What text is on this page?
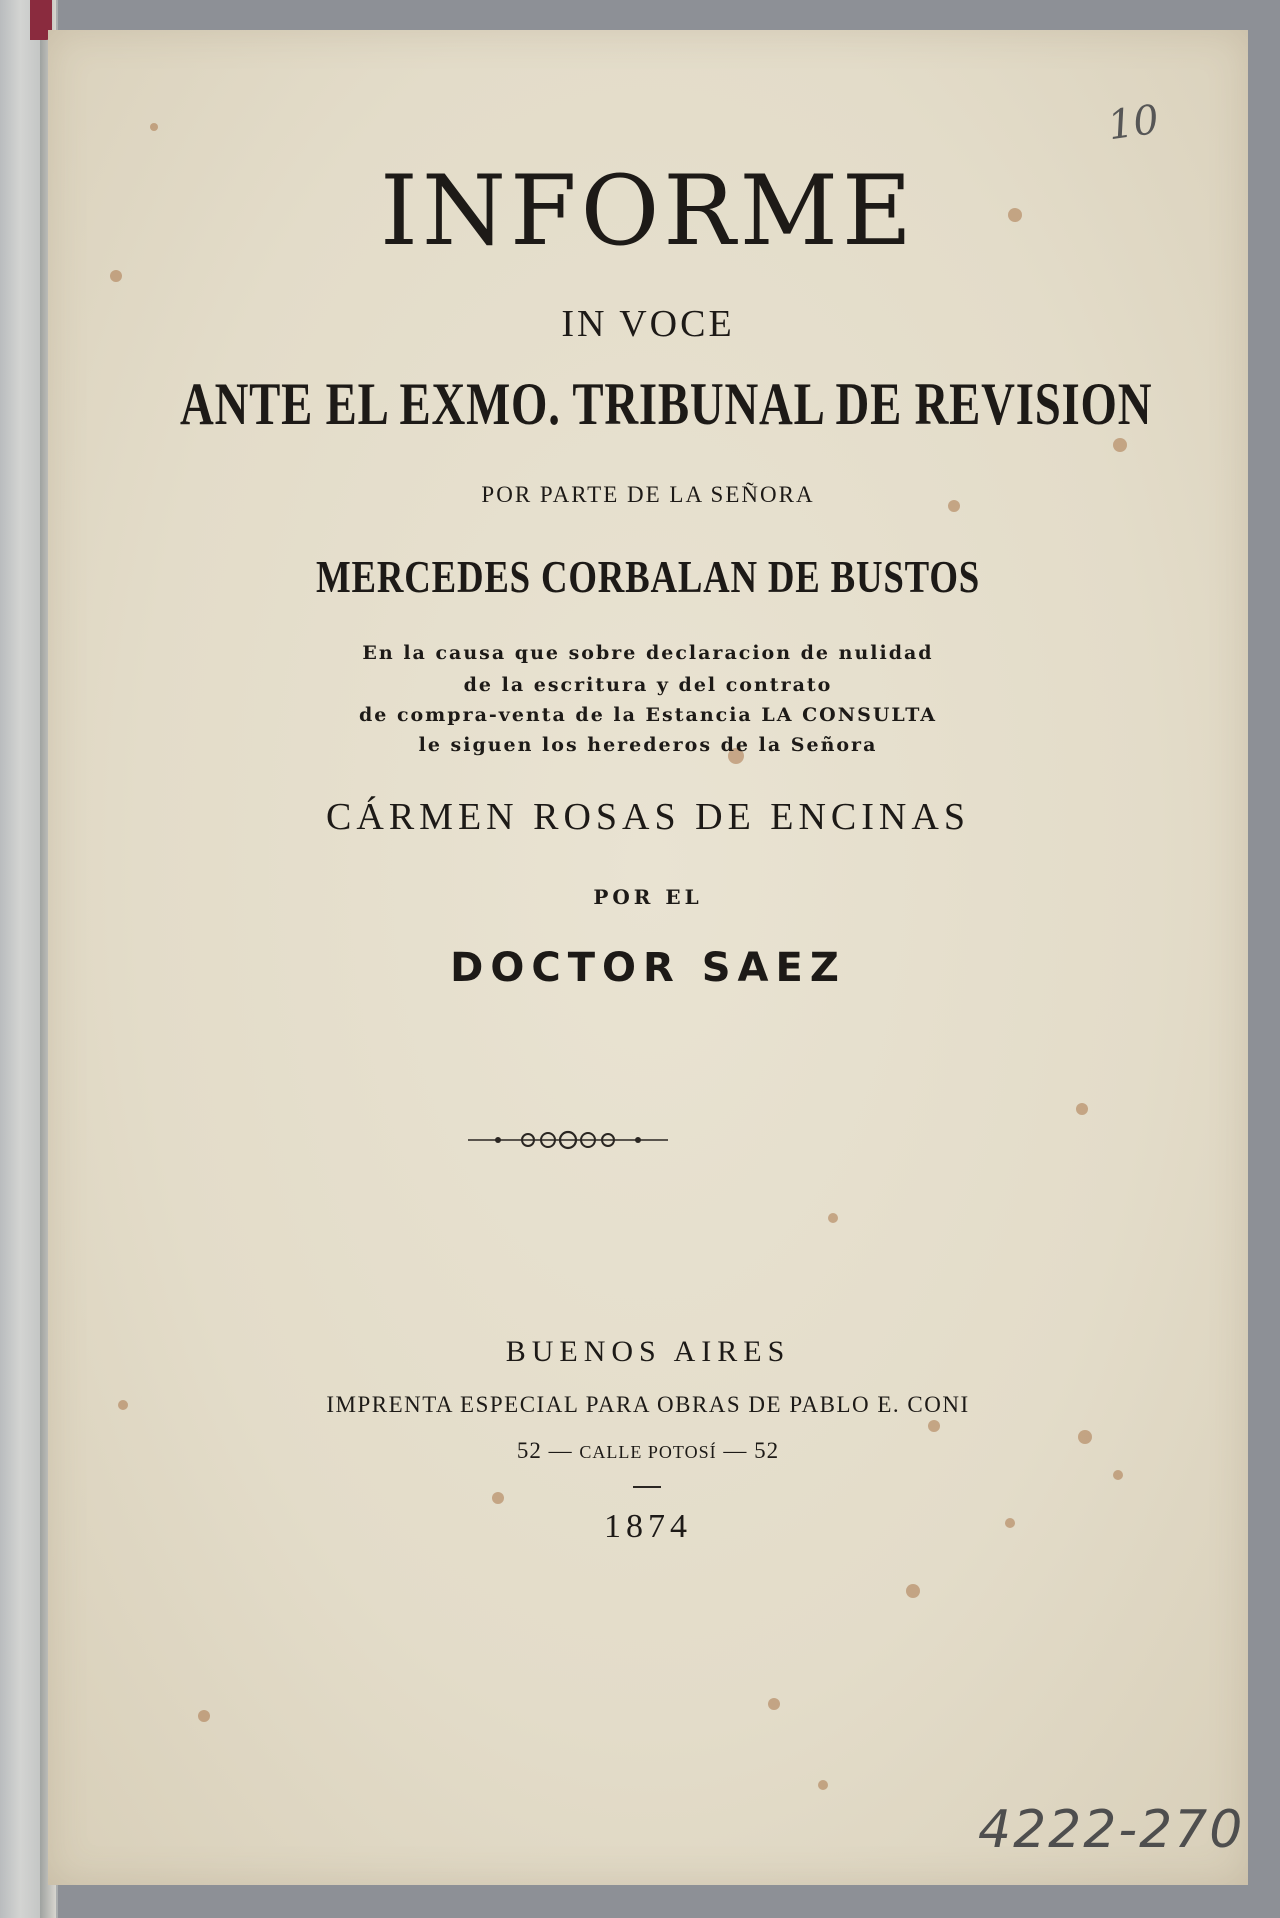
INFORME
IN VOCE
ANTE EL EXMO. TRIBUNAL DE REVISION
POR PARTE DE LA SEÑORA
MERCEDES CORBALAN DE BUSTOS
En la causa que sobre declaracion de nulidad
de la escritura y del contrato
de compra-venta de la Estancia LA CONSULTA
le siguen los herederos de la Señora
CÁRMEN ROSAS DE ENCINAS
POR EL
DOCTOR SAEZ
BUENOS AIRES
IMPRENTA ESPECIAL PARA OBRAS DE PABLO E. CONI
52 — CALLE POTOSÍ — 52
1874
10
4222-270
